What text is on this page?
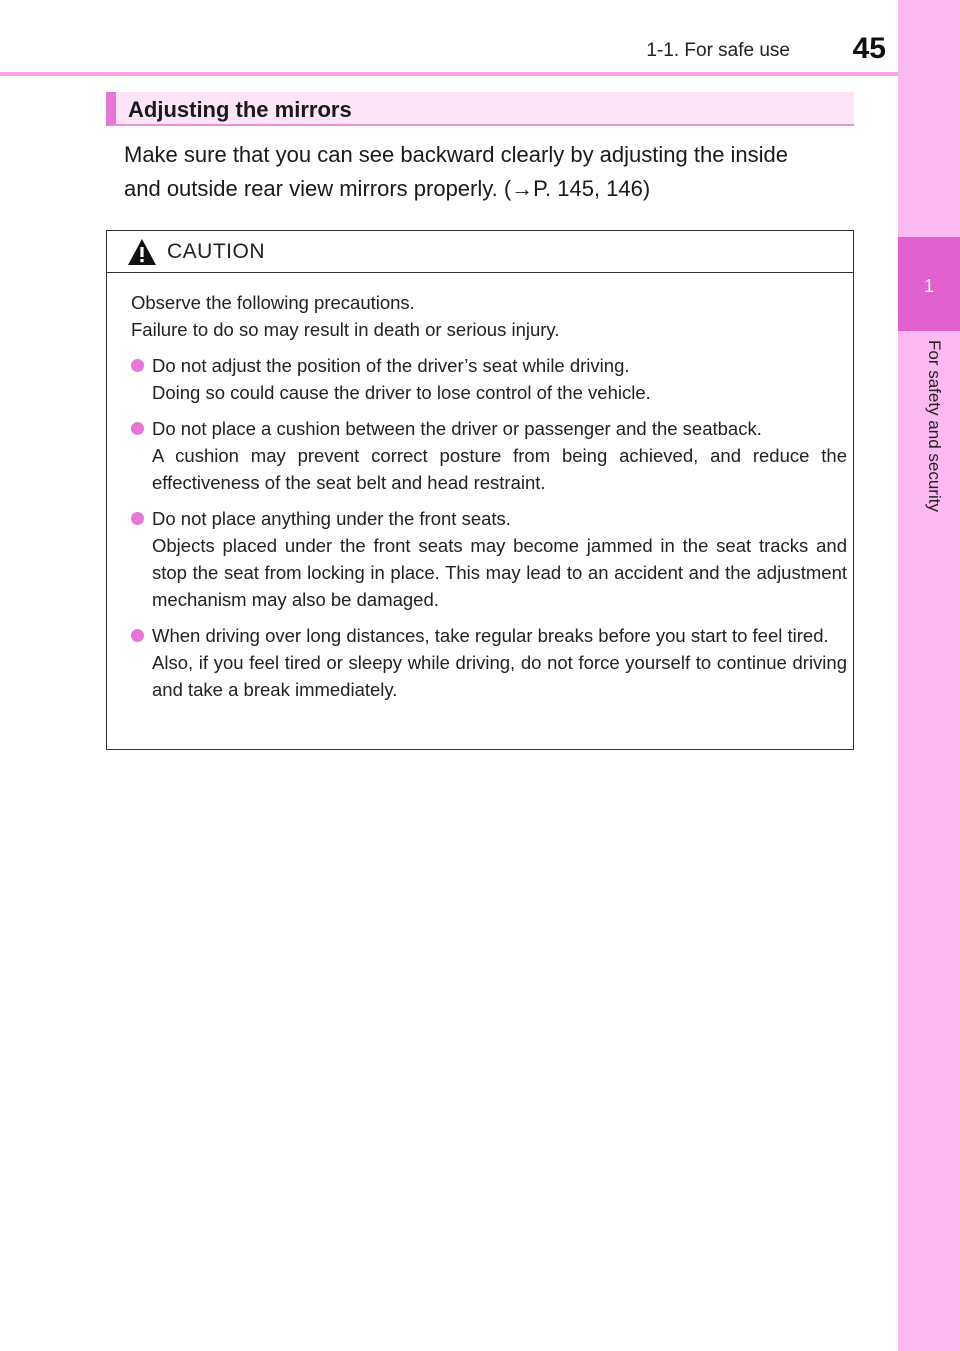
1-1. For safe use	45
1
For safety and security
Adjusting the mirrors
Make sure that you can see backward clearly by adjusting the inside
and outside rear view mirrors properly. (→P. 145, 146)
CAUTION
Observe the following precautions.
Failure to do so may result in death or serious injury.
Do not adjust the position of the driver’s seat while driving.
Doing so could cause the driver to lose control of the vehicle.
Do not place a cushion between the driver or passenger and the seatback.
A cushion may prevent correct posture from being achieved, and reduce the effectiveness of the seat belt and head restraint.
Do not place anything under the front seats.
Objects placed under the front seats may become jammed in the seat tracks and stop the seat from locking in place. This may lead to an accident and the adjustment mechanism may also be damaged.
When driving over long distances, take regular breaks before you start to feel tired.
Also, if you feel tired or sleepy while driving, do not force yourself to continue driving and take a break immediately.
